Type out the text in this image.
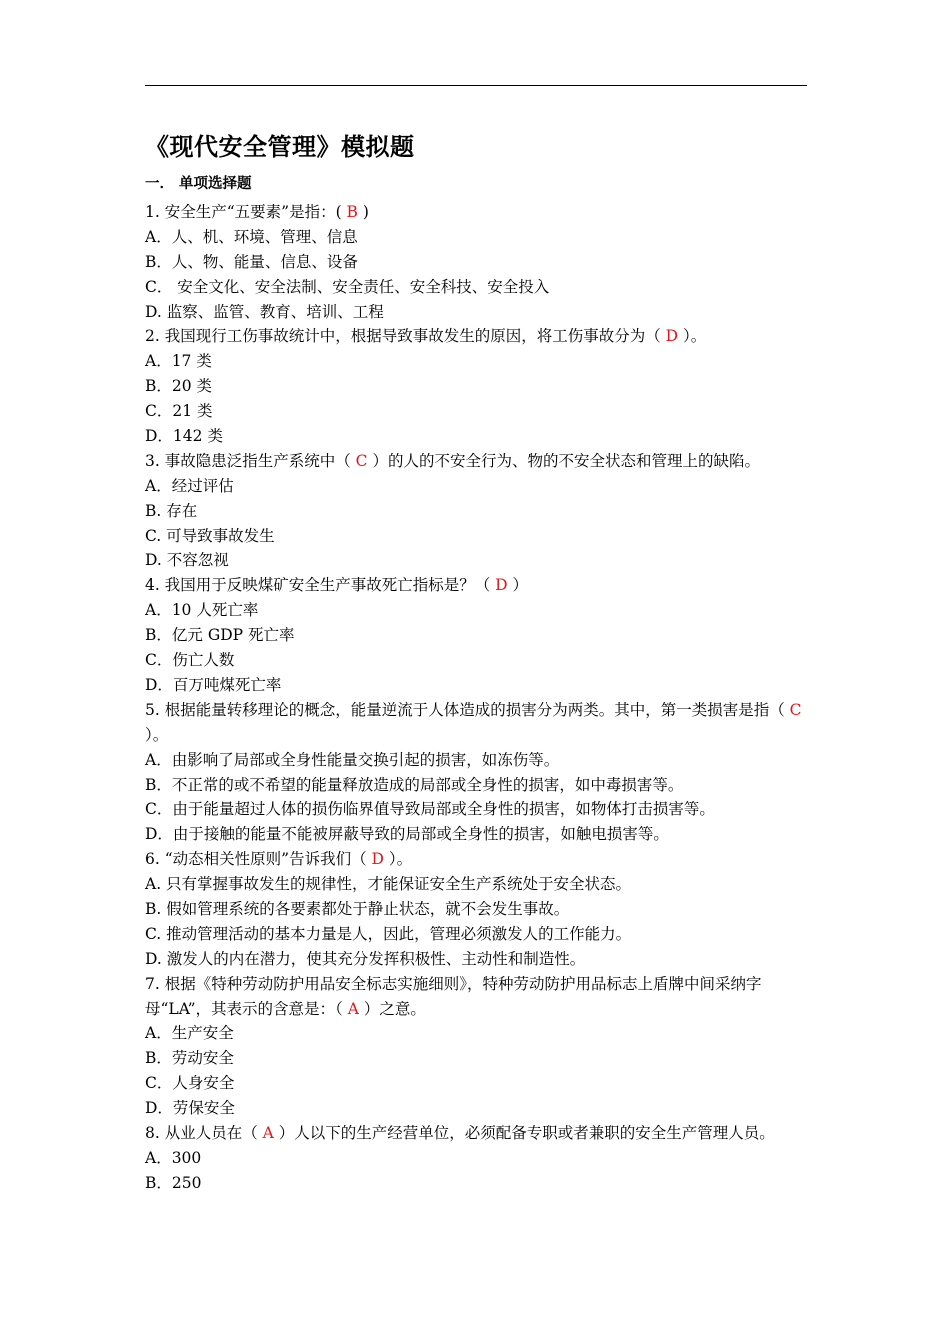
《现代安全管理》模拟题
一． 单项选择题
1. 安全生产“五要素”是指：( B )
A．人、机、环境、管理、信息
B．人、物、能量、信息、设备
C． 安全文化、安全法制、安全责任、安全科技、安全投入
D. 监察、监管、教育、培训、工程
2. 我国现行工伤事故统计中，根据导致事故发生的原因，将工伤事故分为（ D ）。
A．17 类
B．20 类
C．21 类
D．142 类
3. 事故隐患泛指生产系统中（ C ）的人的不安全行为、物的不安全状态和管理上的缺陷。
A．经过评估
B. 存在
C. 可导致事故发生
D. 不容忽视
4. 我国用于反映煤矿安全生产事故死亡指标是？（ D ）
A．10 人死亡率
B．亿元 GDP 死亡率
C．伤亡人数
D．百万吨煤死亡率
5. 根据能量转移理论的概念，能量逆流于人体造成的损害分为两类。其中，第一类损害是指（ C ）。
A．由影响了局部或全身性能量交换引起的损害，如冻伤等。
B．不正常的或不希望的能量释放造成的局部或全身性的损害，如中毒损害等。
C．由于能量超过人体的损伤临界值导致局部或全身性的损害，如物体打击损害等。
D．由于接触的能量不能被屏蔽导致的局部或全身性的损害，如触电损害等。
6. “动态相关性原则”告诉我们（ D ）。
A. 只有掌握事故发生的规律性，才能保证安全生产系统处于安全状态。
B. 假如管理系统的各要素都处于静止状态，就不会发生事故。
C. 推动管理活动的基本力量是人，因此，管理必须激发人的工作能力。
D. 激发人的内在潜力，使其充分发挥积极性、主动性和制造性。
7. 根据《特种劳动防护用品安全标志实施细则》，特种劳动防护用品标志上盾牌中间采纳字母“LA”，其表示的含意是：（ A ）之意。
A．生产安全
B．劳动安全
C．人身安全
D．劳保安全
8. 从业人员在（ A ）人以下的生产经营单位，必须配备专职或者兼职的安全生产管理人员。
A．300
B．250
